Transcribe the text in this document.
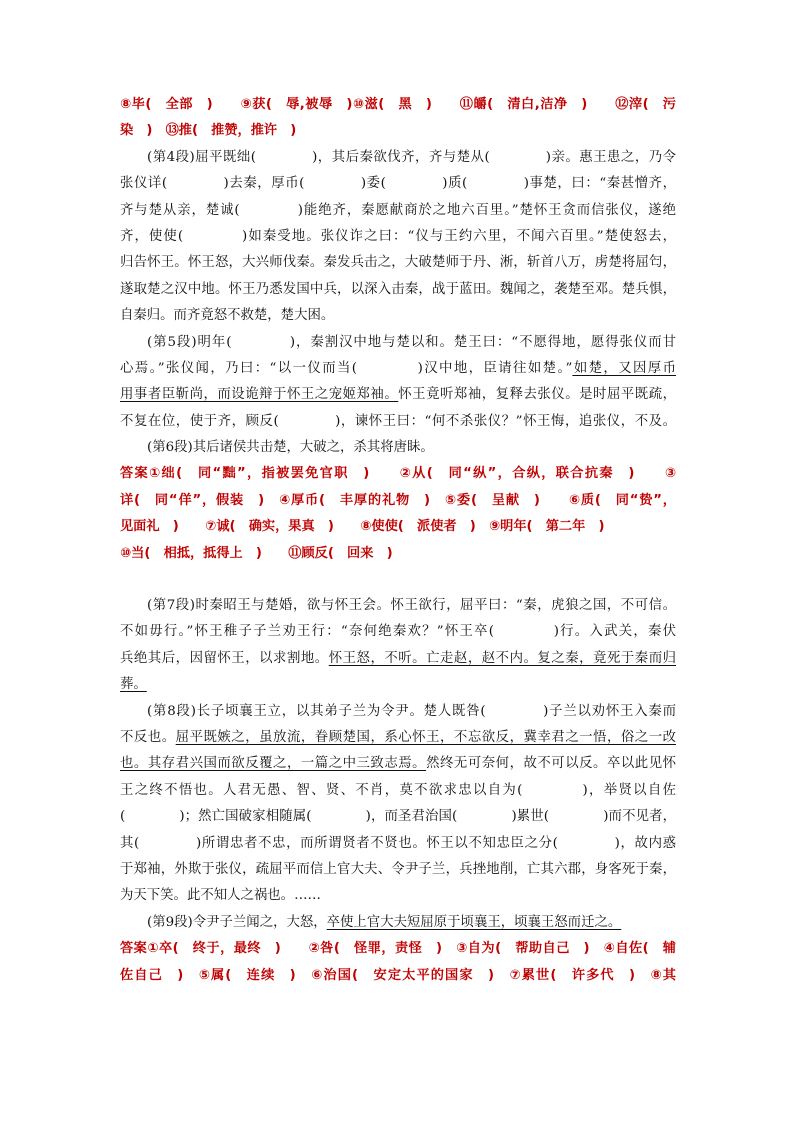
⑧毕(　全部　)　　⑨获(　辱,被辱　)⑩滋(　黑　)　　⑪皭(　清白,洁净　)　　⑫滓(　污
染　)　⑬推(　推赞，推许　)
(第4段)屈平既绌(　　　　)，其后秦欲伐齐，齐与楚从(　　　　)亲。惠王患之，乃令
张仪详(　　　　)去秦，厚币(　　　　)委(　　　　)质(　　　　)事楚，曰：“秦甚憎齐，
齐与楚从亲，楚诚(　　　　)能绝齐，秦愿献商於之地六百里。”楚怀王贪而信张仪，遂绝
齐，使使(　　　　)如秦受地。张仪诈之曰：“仪与王约六里，不闻六百里。”楚使怒去，
归告怀王。怀王怒，大兴师伐秦。秦发兵击之，大破楚师于丹、淅，斩首八万，虏楚将屈匄，
遂取楚之汉中地。怀王乃悉发国中兵，以深入击秦，战于蓝田。魏闻之，袭楚至邓。楚兵惧，
自秦归。而齐竟怒不救楚，楚大困。
(第5段)明年(　　　　)，秦割汉中地与楚以和。楚王曰：“不愿得地，愿得张仪而甘
心焉。”张仪闻，乃曰：“以一仪而当(　　　　)汉中地，臣请往如楚。”如楚，又因厚币
用事者臣靳尚，而设诡辩于怀王之宠姬郑袖。怀王竟听郑袖，复释去张仪。是时屈平既疏，
不复在位，使于齐，顾反(　　　　)，谏怀王曰：“何不杀张仪？”怀王悔，追张仪，不及。
(第6段)其后诸侯共击楚，大破之，杀其将唐眛。
答案①绌(　同“黜”，指被罢免官职　)　　②从(　同“纵”，合纵，联合抗秦　)　　③
详(　同“佯”，假装　)　④厚币(　丰厚的礼物　)　⑤委(　呈献　)　　⑥质(　同“贽”，
见面礼　)　　⑦诚(　确实，果真　)　　⑧使使(　派使者　)　⑨明年(　第二年　)
⑩当(　相抵，抵得上　)　　⑪顾反(　回来　)
(第7段)时秦昭王与楚婚，欲与怀王会。怀王欲行，屈平曰：“秦，虎狼之国，不可信。
不如毋行。”怀王稚子子兰劝王行：“奈何绝秦欢？”怀王卒(　　　　)行。入武关，秦伏
兵绝其后，因留怀王，以求割地。怀王怒，不听。亡走赵，赵不内。复之秦，竟死于秦而归
葬。
(第8段)长子顷襄王立，以其弟子兰为令尹。楚人既咎(　　　　)子兰以劝怀王入秦而
不反也。屈平既嫉之，虽放流，眷顾楚国，系心怀王，不忘欲反，冀幸君之一悟，俗之一改
也。其存君兴国而欲反覆之，一篇之中三致志焉。然终无可奈何，故不可以反。卒以此见怀
王之终不悟也。人君无愚、智、贤、不肖，莫不欲求忠以自为(　　　　)，举贤以自佐
(　　　　)；然亡国破家相随属(　　　　)，而圣君治国(　　　　)累世(　　　　)而不见者，
其(　　　　)所谓忠者不忠，而所谓贤者不贤也。怀王以不知忠臣之分(　　　　)，故内惑
于郑袖，外欺于张仪，疏屈平而信上官大夫、令尹子兰，兵挫地削，亡其六郡，身客死于秦，
为天下笑。此不知人之祸也。……
(第9段)令尹子兰闻之，大怒，卒使上官大夫短屈原于顷襄王，顷襄王怒而迁之。
答案①卒(　终于，最终　)　　②咎(　怪罪，责怪　)　③自为(　帮助自己　)　④自佐(　辅
佐自己　)　⑤属(　连续　)　⑥治国(　安定太平的国家　)　⑦累世(　许多代　)　⑧其
